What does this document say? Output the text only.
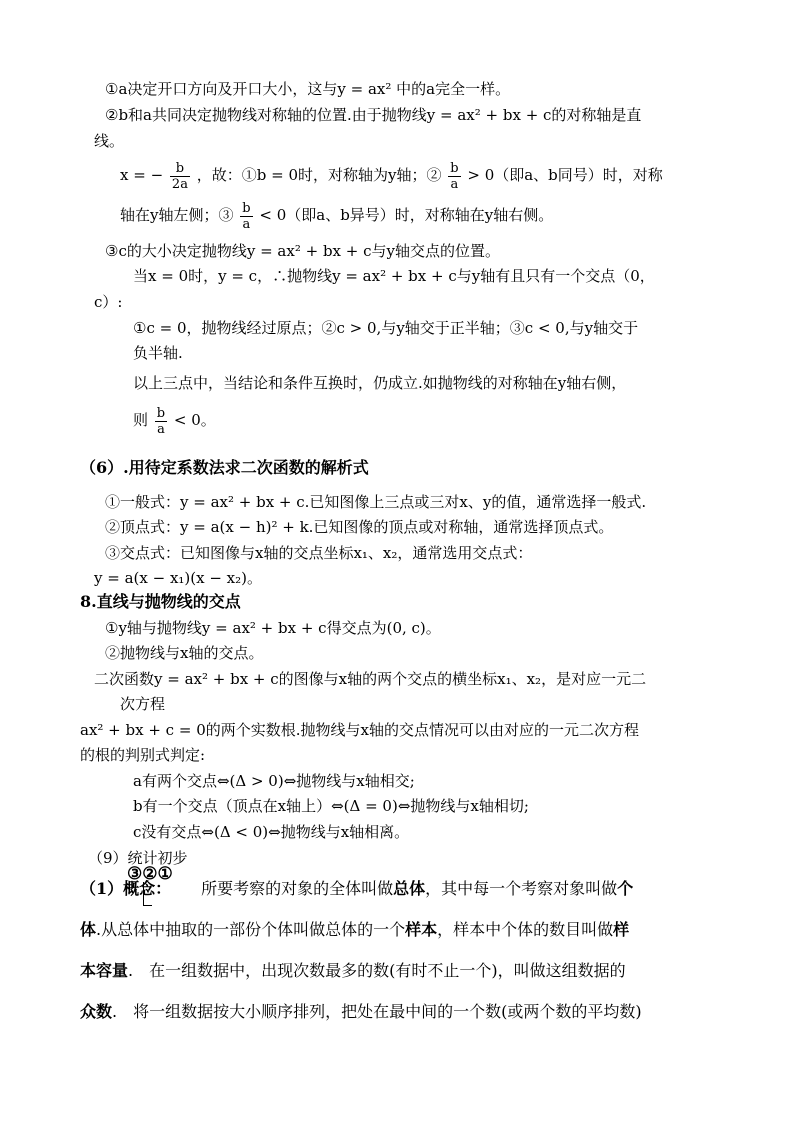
①a决定开口方向及开口大小，这与y = ax² 中的a完全一样。
②b和a共同决定抛物线对称轴的位置.由于抛物线y = ax² + bx + c的对称轴是直
线。
x = − $\frac{b}{2a}$ ，故：①b = 0时，对称轴为y轴；② $\frac{b}{a} > 0$（即a、b同号）时，对称
轴在y轴左侧；③ $\frac{b}{a} < 0$（即a、b异号）时，对称轴在y轴右侧。
③c的大小决定抛物线y = ax² + bx + c与y轴交点的位置。
当x = 0时，y = c，∴抛物线y = ax² + bx + c与y轴有且只有一个交点（0，
c）:
①c = 0，抛物线经过原点；②c > 0,与y轴交于正半轴；③c < 0,与y轴交于
负半轴.
以上三点中，当结论和条件互换时，仍成立.如抛物线的对称轴在y轴右侧，
则 $\frac{b}{a} < 0$。
（6）.用待定系数法求二次函数的解析式
①一般式：y = ax² + bx + c.已知图像上三点或三对x、y的值，通常选择一般式.
②顶点式：y = a(x − h)² + k.已知图像的顶点或对称轴，通常选择顶点式。
③交点式：已知图像与x轴的交点坐标x₁、x₂，通常选用交点式：
y = a(x − x₁)(x − x₂)。
8.直线与抛物线的交点
①y轴与抛物线y = ax² + bx + c得交点为(0, c)。
②抛物线与x轴的交点。
二次函数y = ax² + bx + c的图像与x轴的两个交点的横坐标x₁、x₂，是对应一元二
次方程
ax² + bx + c = 0的两个实数根.抛物线与x轴的交点情况可以由对应的一元二次方程
的根的判别式判定:
a有两个交点⇔(Δ > 0)⇔抛物线与x轴相交;
b有一个交点（顶点在x轴上）⇔(Δ = 0)⇔抛物线与x轴相切;
c没有交点⇔(Δ < 0)⇔抛物线与x轴相离。
（9）统计初步
③②①
（1）概念： 所要考察的对象的全体叫做总体，其中每一个考察对象叫做个
体.从总体中抽取的一部份个体叫做总体的一个样本，样本中个体的数目叫做样
本容量.　在一组数据中，出现次数最多的数(有时不止一个)，叫做这组数据的
众数.　将一组数据按大小顺序排列，把处在最中间的一个数(或两个数的平均数)
